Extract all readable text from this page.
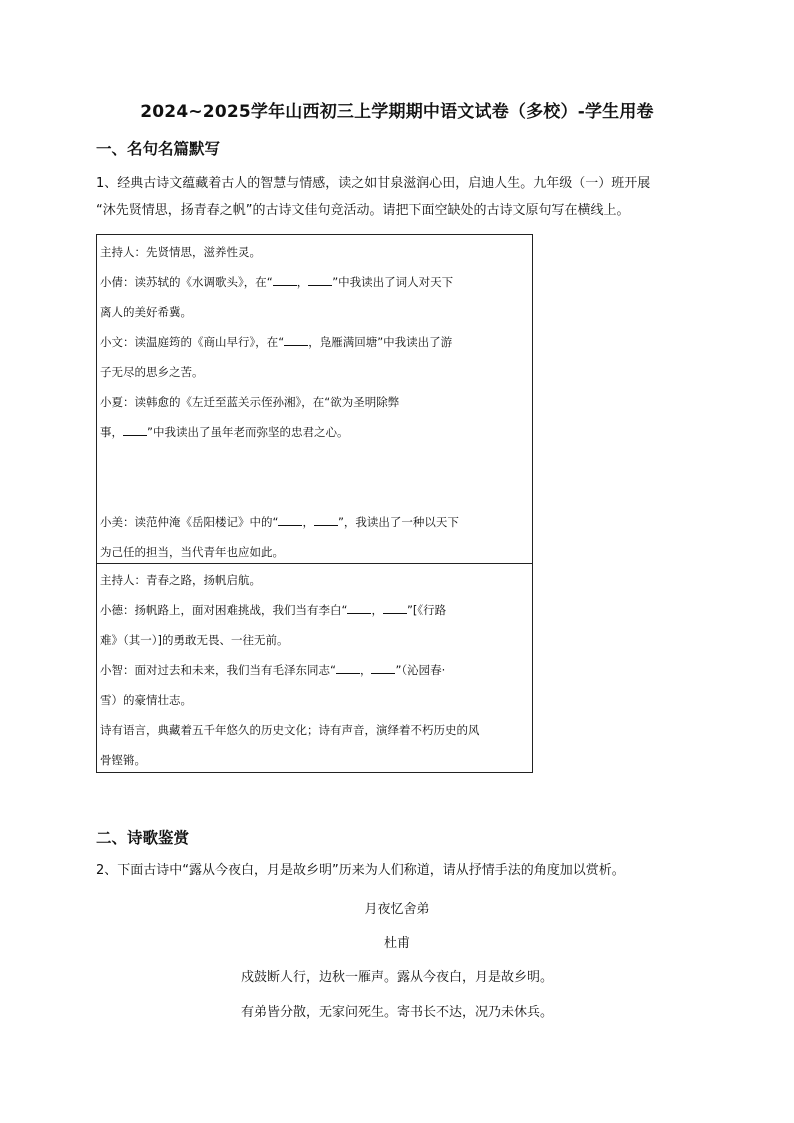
2024~2025学年山西初三上学期期中语文试卷（多校）-学生用卷
一、名句名篇默写

1、经典古诗文蕴藏着古人的智慧与情感，读之如甘泉滋润心田，启迪人生。九年级（一）班开展

“沐先贤情思，扬青春之帆”的古诗文佳句竞活动。请把下面空缺处的古诗文原句写在横线上。

主持人：先贤情思，滋养性灵。
小倩：读苏轼的《水调歌头》，在“ ， ”中我读出了词人对天下
离人的美好希冀。
小文：读温庭筠的《商山早行》，在“ ，凫雁满回塘”中我读出了游
子无尽的思乡之苦。
小夏：读韩愈的《左迁至蓝关示侄孙湘》，在“欲为圣明除弊
事， ”中我读出了虽年老而弥坚的忠君之心。
小美：读范仲淹《岳阳楼记》中的“ ， ”，我读出了一种以天下
为己任的担当，当代青年也应如此。
主持人：青春之路，扬帆启航。
小德：扬帆路上，面对困难挑战，我们当有李白“ ， ”[《行路
难》（其一）]的勇敢无畏、一往无前。
小智：面对过去和未来，我们当有毛泽东同志“ ， ”（沁园春·
雪）的豪情壮志。
诗有语言，典藏着五千年悠久的历史文化；诗有声音，演绎着不朽历史的风
骨铿锵。
二、诗歌鉴赏

2、下面古诗中“露从今夜白，月是故乡明”历来为人们称道，请从抒情手法的角度加以赏析。

月夜忆舍弟
杜甫
戍鼓断人行，边秋一雁声。露从今夜白，月是故乡明。
有弟皆分散，无家问死生。寄书长不达，况乃未休兵。
